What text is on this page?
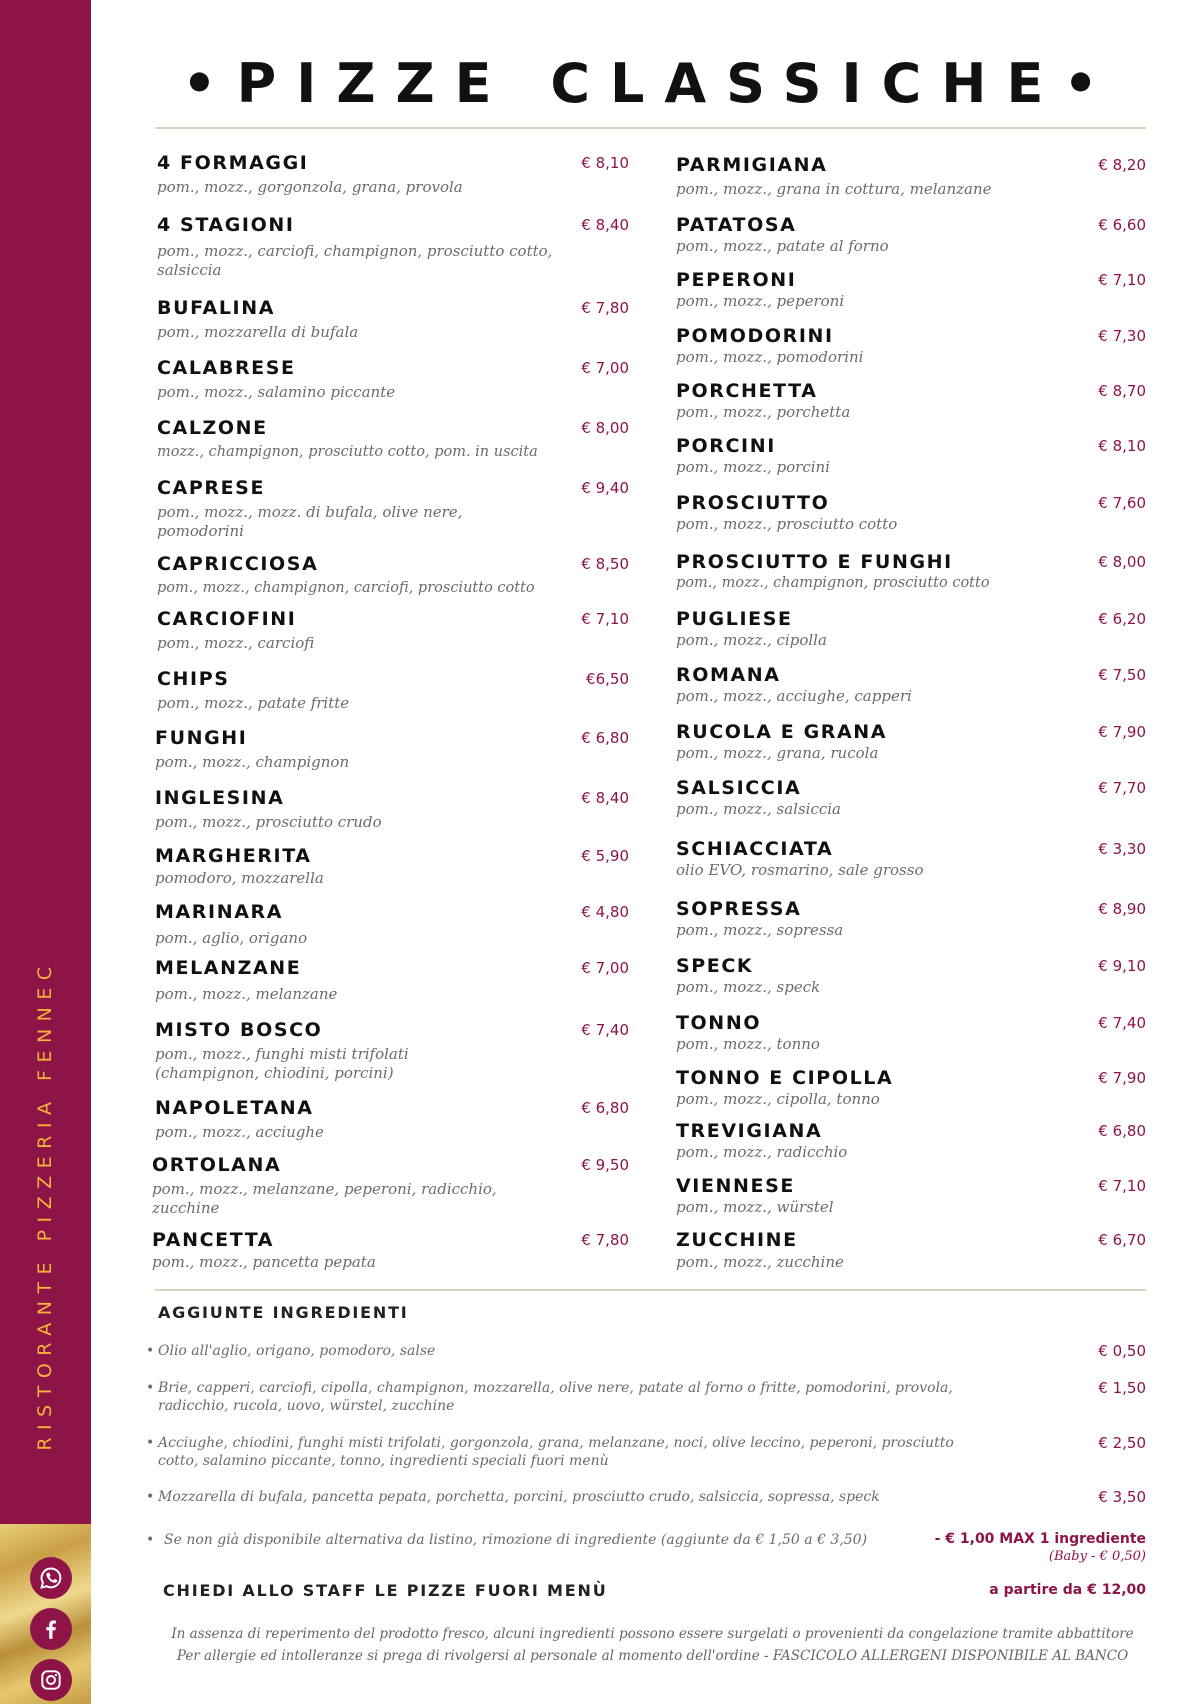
RISTORANTE PIZZERIA FENNEC
•PIZZE CLASSICHE•
4 FORMAGGI	€ 8,10
pom., mozz., gorgonzola, grana, provola
4 STAGIONI	€ 8,40
pom., mozz., carciofi, champignon, prosciutto cotto, salsiccia
BUFALINA	€ 7,80
pom., mozzarella di bufala
CALABRESE	€ 7,00
pom., mozz., salamino piccante
CALZONE	€ 8,00
mozz., champignon, prosciutto cotto, pom. in uscita
CAPRESE	€ 9,40
pom., mozz., mozz. di bufala, olive nere, pomodorini
CAPRICCIOSA	€ 8,50
pom., mozz., champignon, carciofi, prosciutto cotto
CARCIOFINI	€ 7,10
pom., mozz., carciofi
CHIPS	€6,50
pom., mozz., patate fritte
FUNGHI	€ 6,80
pom., mozz., champignon
INGLESINA	€ 8,40
pom., mozz., prosciutto crudo
MARGHERITA	€ 5,90
pomodoro, mozzarella
MARINARA	€ 4,80
pom., aglio, origano
MELANZANE	€ 7,00
pom., mozz., melanzane
MISTO BOSCO	€ 7,40
pom., mozz., funghi misti trifolati (champignon, chiodini, porcini)
NAPOLETANA	€ 6,80
pom., mozz., acciughe
ORTOLANA	€ 9,50
pom., mozz., melanzane, peperoni, radicchio, zucchine
PANCETTA	€ 7,80
pom., mozz., pancetta pepata
PARMIGIANA	€ 8,20
pom., mozz., grana in cottura, melanzane
PATATOSA	€ 6,60
pom., mozz., patate al forno
PEPERONI	€ 7,10
pom., mozz., peperoni
POMODORINI	€ 7,30
pom., mozz., pomodorini
PORCHETTA	€ 8,70
pom., mozz., porchetta
PORCINI	€ 8,10
pom., mozz., porcini
PROSCIUTTO	€ 7,60
pom., mozz., prosciutto cotto
PROSCIUTTO E FUNGHI	€ 8,00
pom., mozz., champignon, prosciutto cotto
PUGLIESE	€ 6,20
pom., mozz., cipolla
ROMANA	€ 7,50
pom., mozz., acciughe, capperi
RUCOLA E GRANA	€ 7,90
pom., mozz., grana, rucola
SALSICCIA	€ 7,70
pom., mozz., salsiccia
SCHIACCIATA	€ 3,30
olio EVO, rosmarino, sale grosso
SOPRESSA	€ 8,90
pom., mozz., sopressa
SPECK	€ 9,10
pom., mozz., speck
TONNO	€ 7,40
pom., mozz., tonno
TONNO E CIPOLLA	€ 7,90
pom., mozz., cipolla, tonno
TREVIGIANA	€ 6,80
pom., mozz., radicchio
VIENNESE	€ 7,10
pom., mozz., würstel
ZUCCHINE	€ 6,70
pom., mozz., zucchine
AGGIUNTE INGREDIENTI
• Olio all'aglio, origano, pomodoro, salse	€ 0,50
• Brie, capperi, carciofi, cipolla, champignon, mozzarella, olive nere, patate al forno o fritte, pomodorini, provola, radicchio, rucola, uovo, würstel, zucchine
€ 1,50
• Acciughe, chiodini, funghi misti trifolati, gorgonzola, grana, melanzane, noci, olive leccino, peperoni, prosciutto cotto, salamino piccante, tonno, ingredienti speciali fuori menù
€ 2,50
• Mozzarella di bufala, pancetta pepata, porchetta, porcini, prosciutto crudo, salsiccia, sopressa, speck	€ 3,50
• Se non già disponibile alternativa da listino, rimozione di ingrediente (aggiunte da € 1,50 a € 3,50)	- € 1,00 MAX 1 ingrediente
(Baby - € 0,50)
CHIEDI ALLO STAFF LE PIZZE FUORI MENÙ	a partire da € 12,00
In assenza di reperimento del prodotto fresco, alcuni ingredienti possono essere surgelati o provenienti da congelazione tramite abbattitore
Per allergie ed intolleranze si prega di rivolgersi al personale al momento dell'ordine - FASCICOLO ALLERGENI DISPONIBILE AL BANCO
